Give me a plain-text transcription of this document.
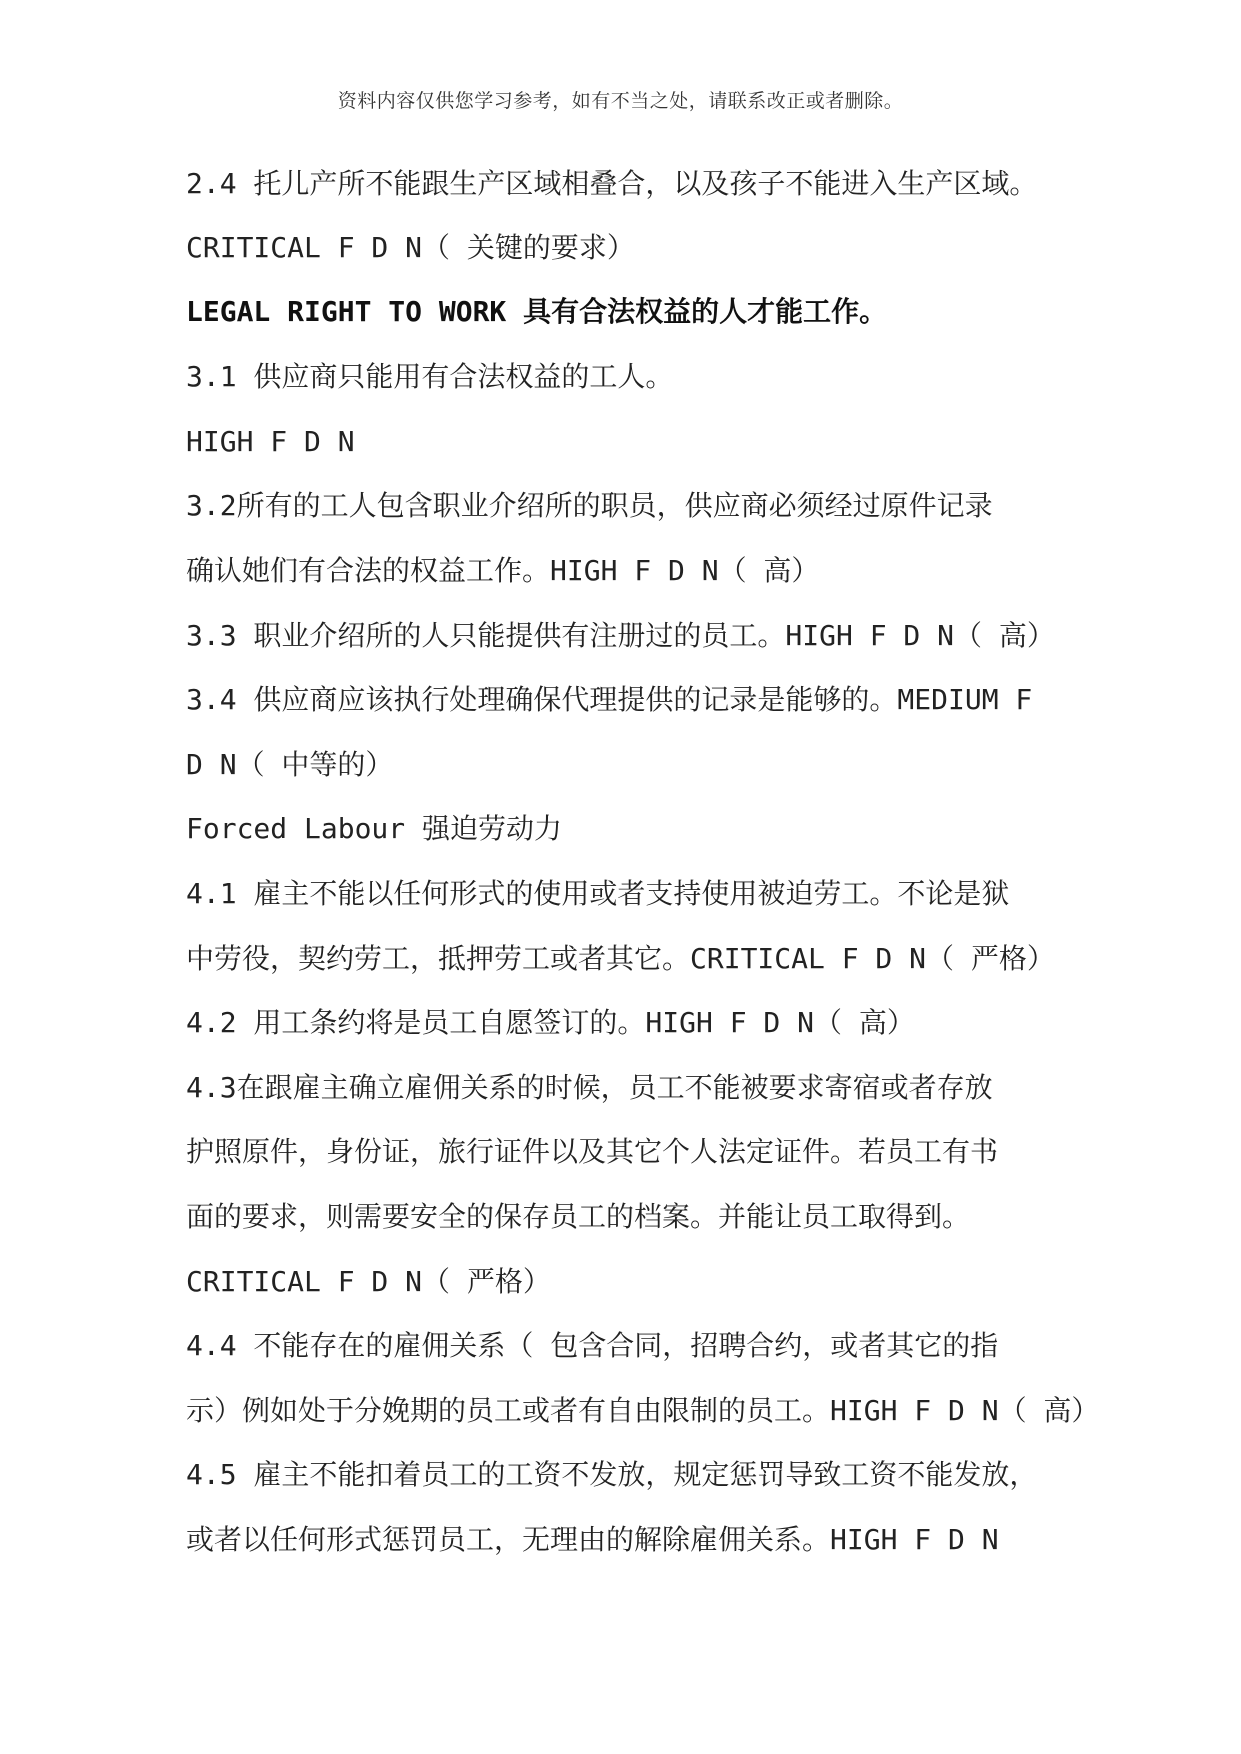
资料内容仅供您学习参考，如有不当之处，请联系改正或者删除。
2.4 托儿产所不能跟生产区域相叠合，以及孩子不能进入生产区域。
CRITICAL F D N（ 关键的要求）
LEGAL RIGHT TO WORK 具有合法权益的人才能工作。
3.1 供应商只能用有合法权益的工人。
HIGH F D N
3.2所有的工人包含职业介绍所的职员，供应商必须经过原件记录
确认她们有合法的权益工作。HIGH F D N（ 高）
3.3 职业介绍所的人只能提供有注册过的员工。HIGH F D N（ 高）
3.4 供应商应该执行处理确保代理提供的记录是能够的。MEDIUM F
D N（ 中等的）
Forced Labour 强迫劳动力
4.1 雇主不能以任何形式的使用或者支持使用被迫劳工。不论是狱
中劳役，契约劳工，抵押劳工或者其它。CRITICAL F D N（ 严格）
4.2 用工条约将是员工自愿签订的。HIGH F D N（ 高）
4.3在跟雇主确立雇佣关系的时候，员工不能被要求寄宿或者存放
护照原件，身份证，旅行证件以及其它个人法定证件。若员工有书
面的要求，则需要安全的保存员工的档案。并能让员工取得到。
CRITICAL F D N（ 严格）
4.4 不能存在的雇佣关系（ 包含合同，招聘合约，或者其它的指
示）例如处于分娩期的员工或者有自由限制的员工。HIGH F D N（ 高）
4.5 雇主不能扣着员工的工资不发放，规定惩罚导致工资不能发放，
或者以任何形式惩罚员工，无理由的解除雇佣关系。HIGH F D N
